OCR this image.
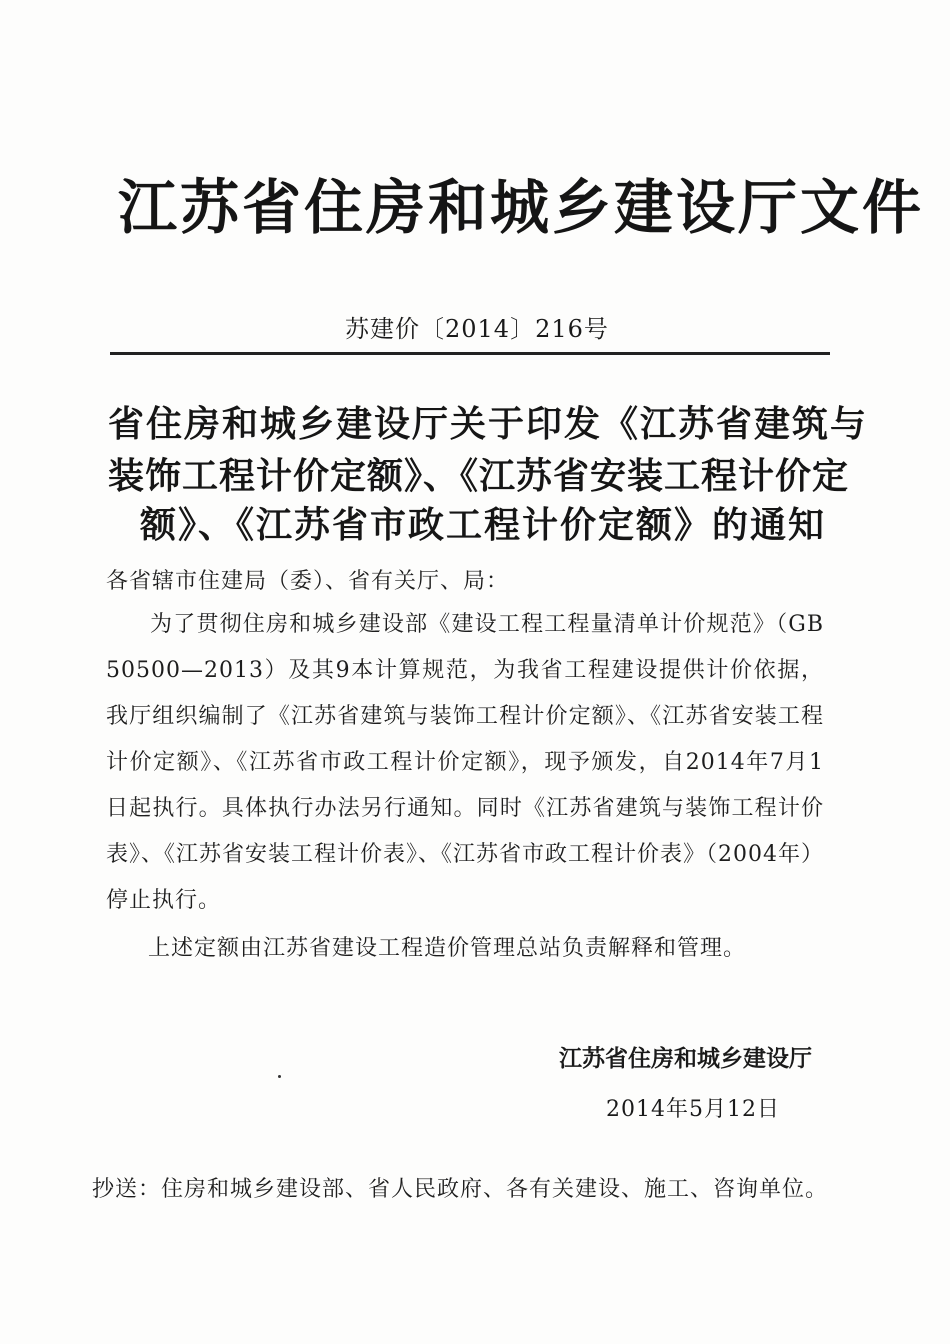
江苏省住房和城乡建设厅文件
苏建价〔2014〕216号
省住房和城乡建设厅关于印发《江苏省建筑与
装饰工程计价定额》、《江苏省安装工程计价定
额》、《江苏省市政工程计价定额》的通知
各省辖市住建局（委）、省有关厅、局：
为了贯彻住房和城乡建设部《建设工程工程量清单计价规范》（GB 50500—2013）及其9本计算规范，为我省工程建设提供计价依据，我厅组织编制了《江苏省建筑与装饰工程计价定额》、《江苏省安装工程计价定额》、《江苏省市政工程计价定额》，现予颁发，自2014年7月1日起执行。具体执行办法另行通知。同时《江苏省建筑与装饰工程计价表》、《江苏省安装工程计价表》、《江苏省市政工程计价表》（2004年）停止执行。
上述定额由江苏省建设工程造价管理总站负责解释和管理。
江苏省住房和城乡建设厅
2014年5月12日
抄送：住房和城乡建设部、省人民政府、各有关建设、施工、咨询单位。
